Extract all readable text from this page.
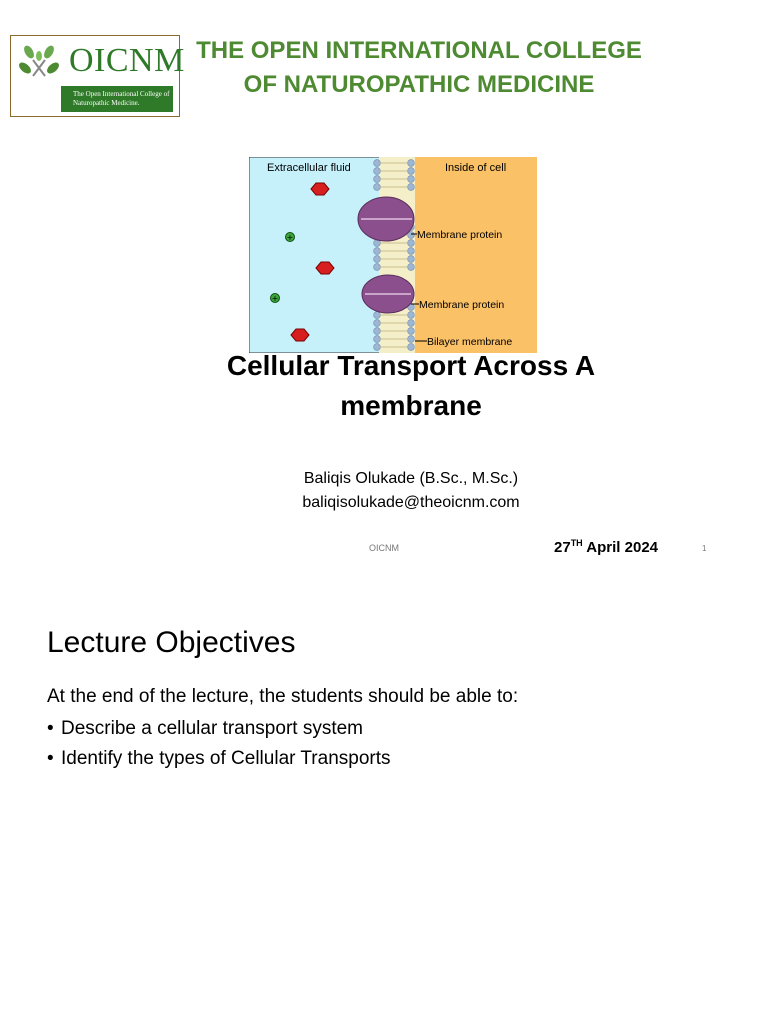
OICNM
The Open International College of Naturopathic Medicine.
THE OPEN INTERNATIONAL COLLEGE OF NATUROPATHIC MEDICINE
+
+
Extracellular fluid	Inside of cell
Membrane protein
Membrane protein
Bilayer membrane
Cellular Transport Across A membrane
Baliqis Olukade (B.Sc., M.Sc.)
baliqisolukade@theoicnm.com
OICNM	27TH April 2024	1
Lecture Objectives
At the end of the lecture, the students should be able to:
• Describe a cellular transport system
• Identify the types of Cellular Transports
